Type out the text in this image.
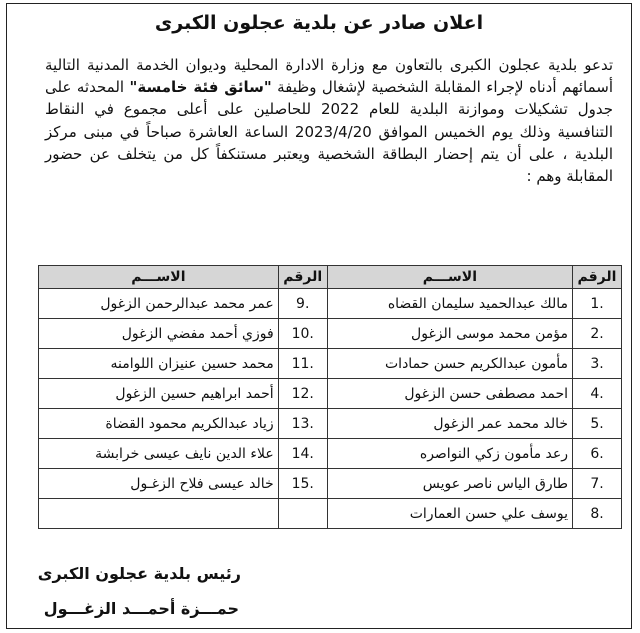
اعلان صادر عن بلدية عجلون الكبرى
تدعو بلدية عجلون الكبرى بالتعاون مع وزارة الادارة المحلية وديوان الخدمة المدنية التالية أسمائهم أدناه لإجراء المقابلة الشخصية لإشغال وظيفة "سائق فئة خامسة" المحدثه على جدول تشكيلات وموازنة البلدية للعام 2022 للحاصلين على أعلى مجموع في النقاط التنافسية وذلك يوم الخميس الموافق 2023/4/20 الساعة العاشرة صباحاً في مبنى مركز البلدية ، على أن يتم إحضار البطاقة الشخصية ويعتبر مستنكفاً كل من يتخلف عن حضور المقابلة وهم :
الرقم	الاســـم	الرقم	الاســـم
.1	مالك عبدالحميد سليمان القضاه	.9	عمر محمد عبدالرحمن الزغول
.2	مؤمن محمد موسى الزغول	.10	فوزي أحمد مفضي الزغول
.3	مأمون عبدالكريم حسن حمادات	.11	محمد حسين عنيزان اللوامنه
.4	احمد مصطفى حسن الزغول	.12	أحمد ابراهيم حسين الزغول
.5	خالد محمد عمر الزغول	.13	زياد عبدالكريم محمود القضاة
.6	رعد مأمون زكي النواصره	.14	علاء الدين نايف عيسى خرابشة
.7	طارق الياس ناصر عويس	.15	خالد عيسى فلاح الزغـول
.8	يوسف علي حسن العمارات		
رئيس بلدية عجلون الكبرى
حمـــزة أحمـــد الزغـــول
